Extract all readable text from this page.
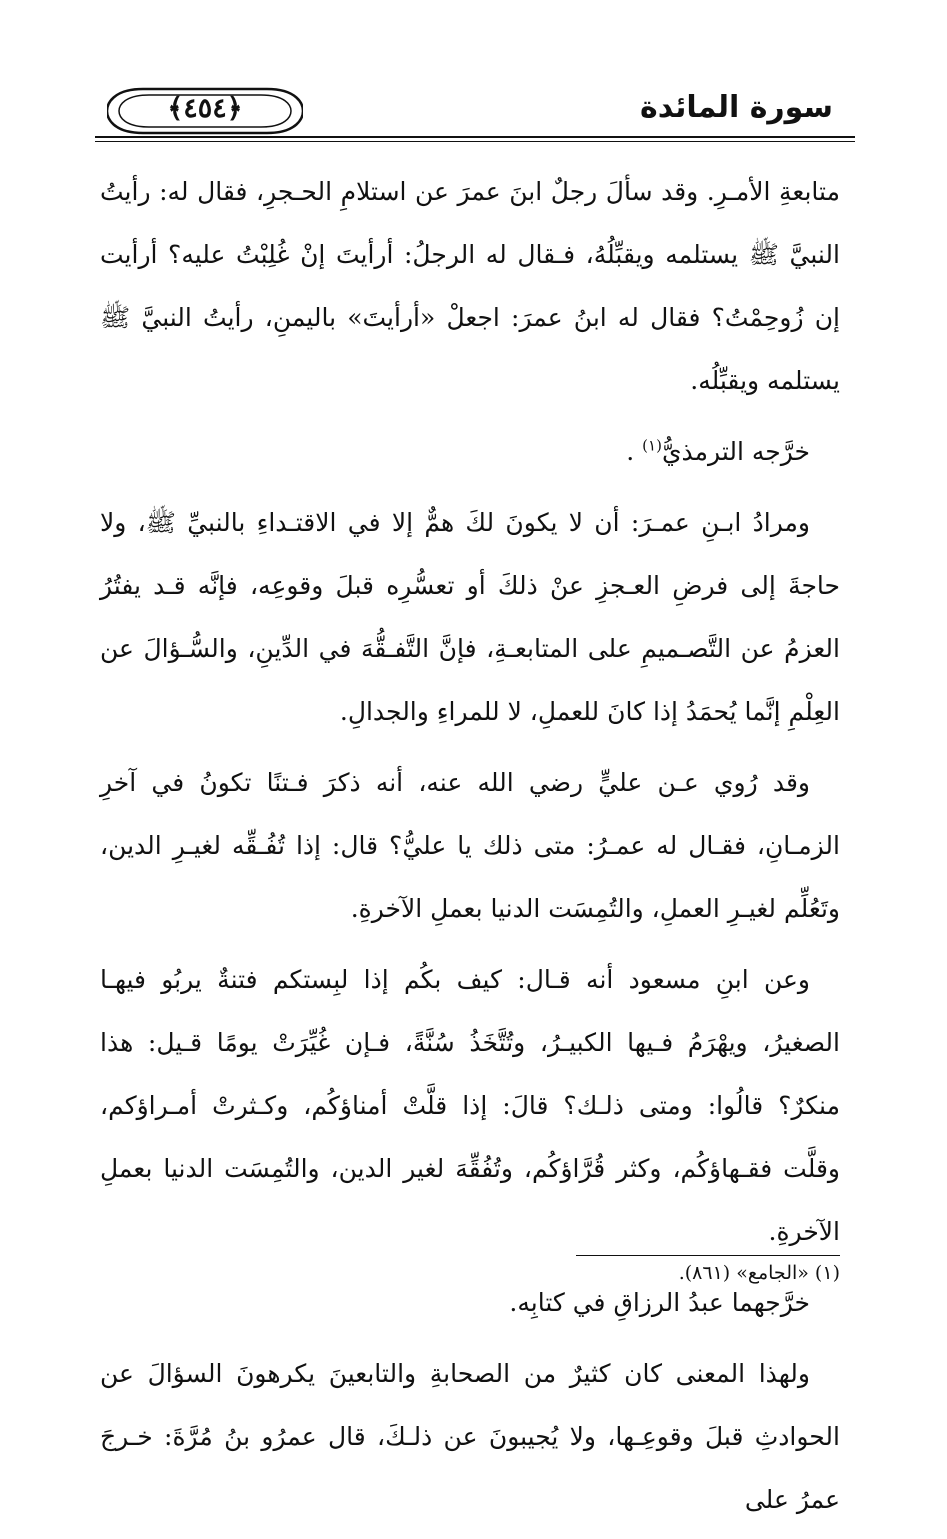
سورة المائدة
﴿٤٥٤﴾

متابعةِ الأمـرِ. وقد سألَ رجلٌ ابنَ عمرَ عن استلامِ الحـجرِ، فقال له: رأيتُ النبيَّ ﷺ يستلمه ويقبِّلُهُ، فـقال له الرجلُ: أرأيتَ إنْ غُلِبْتُ عليه؟ أرأيت إن زُوحِمْتُ؟ فقال له ابنُ عمرَ: اجعلْ «أرأيتَ» باليمنِ، رأيتُ النبيَّ ﷺ يستلمه ويقبِّلُه.

خرَّجه الترمذيُّ$^{(١)}$ .

ومرادُ ابـنِ عمـرَ: أن لا يكونَ لكَ همٌّ إلا في الاقتـداءِ بالنبيِّ ﷺ، ولا حاجةَ إلى فرضِ العـجزِ عنْ ذلكَ أو تعسُّرِه قبلَ وقوعِه، فإنَّه قـد يفتُرُ العزمُ عن التَّصـميمِ على المتابعـةِ، فإنَّ التَّفـقُّهَ في الدِّينِ، والسُّـؤالَ عن العِلْمِ إنَّما يُحمَدُ إذا كانَ للعملِ، لا للمراءِ والجدالِ.

وقد رُوي عـن عليٍّ رضي الله عنه، أنه ذكرَ فـتنًا تكونُ في آخرِ الزمـانِ، فقـال له عمـرُ: متى ذلك يا عليُّ؟ قال: إذا تُفُـقِّه لغيـرِ الدين، وتَعُلِّم لغيـرِ العملِ، والتُمِسَت الدنيا بعملِ الآخرةِ.

وعن ابنِ مسعود أنه قـال: كيف بكُم إذا لبِستكم فتنةٌ يربُو فيهـا الصغيرُ، ويهْرَمُ فـيها الكبيـرُ، وتُتَّخَذُ سُنَّةً، فـإن غُيِّرَتْ يومًا قـيل: هذا منكرٌ؟ قالُوا: ومتى ذلـك؟ قالَ: إذا قلَّتْ أمناؤكُم، وكـثرتْ أمـراؤكم، وقلَّت فقـهاؤكُم، وكثر قُرَّاؤكُم، وتُفُقِّهَ لغير الدين، والتُمِسَت الدنيا بعملِ الآخرةِ.

خرَّجهما عبدُ الرزاقِ في كتابِه.

ولهذا المعنى كان كثيرٌ من الصحابةِ والتابعينَ يكرهونَ السؤالَ عن الحوادثِ قبلَ وقوعِـها، ولا يُجيبونَ عن ذلـكَ، قال عمرُو بنُ مُرَّةَ: خـرجَ عمرُ على

(١) «الجامع» (٨٦١).
